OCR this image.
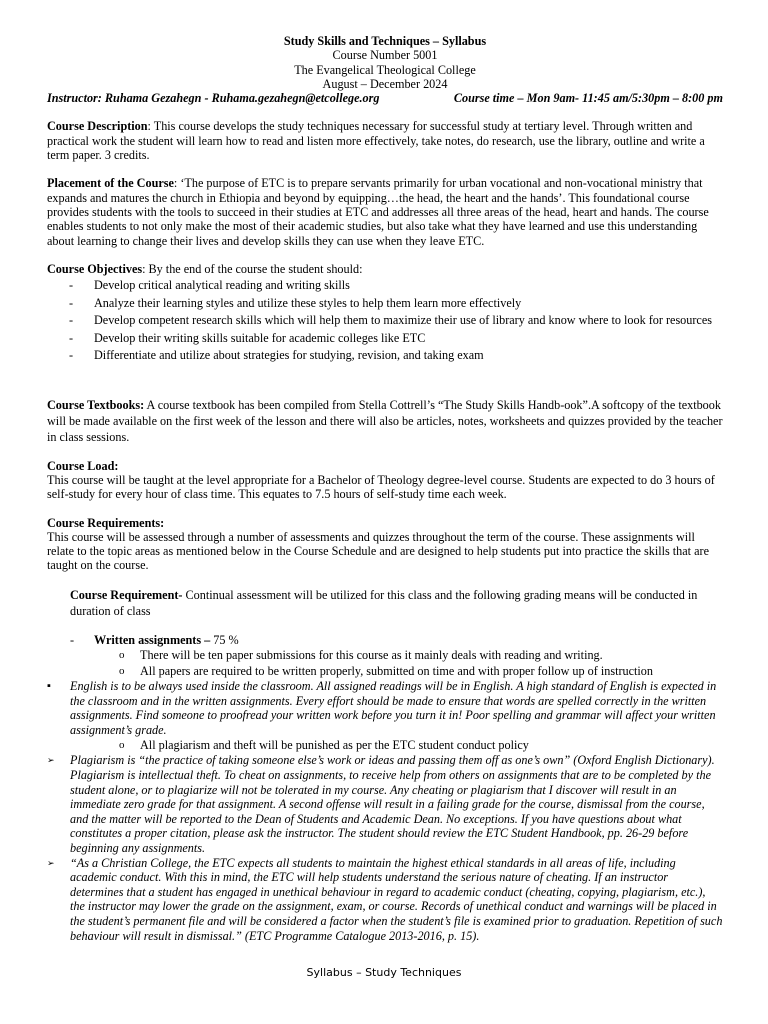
Study Skills and Techniques – Syllabus
Course Number 5001
The Evangelical Theological College
August – December 2024
Instructor: Ruhama Gezahegn - Ruhama.gezahegn@etcollege.org	Course time – Mon 9am- 11:45 am/5:30pm – 8:00 pm

Course Description: This course develops the study techniques necessary for successful study at tertiary level. Through written and practical work the student will learn how to read and listen more effectively, take notes, do research, use the library, outline and write a term paper. 3 credits.

Placement of the Course: ‘The purpose of ETC is to prepare servants primarily for urban vocational and non-vocational ministry that expands and matures the church in Ethiopia and beyond by equipping…the head, the heart and the hands’. This foundational course provides students with the tools to succeed in their studies at ETC and addresses all three areas of the head, heart and hands. The course enables students to not only make the most of their academic studies, but also take what they have learned and use this understanding about learning to change their lives and develop skills they can use when they leave ETC.

Course Objectives: By the end of the course the student should:

- Develop critical analytical reading and writing skills
- Analyze their learning styles and utilize these styles to help them learn more effectively
- Develop competent research skills which will help them to maximize their use of library and know where to look for resources
- Develop their writing skills suitable for academic colleges like ETC
- Differentiate and utilize about strategies for studying, revision, and taking exam

Course Textbooks: A course textbook has been compiled from Stella Cottrell’s “The Study Skills Handb-ook”.A softcopy of the textbook will be made available on the first week of the lesson and there will also be articles, notes, worksheets and quizzes provided by the teacher in class sessions.

Course Load:
This course will be taught at the level appropriate for a Bachelor of Theology degree-level course. Students are expected to do 3 hours of self-study for every hour of class time. This equates to 7.5 hours of self-study time each week.
Course Requirements:
This course will be assessed through a number of assessments and quizzes throughout the term of the course. These assignments will relate to the topic areas as mentioned below in the Course Schedule and are designed to help students put into practice the skills that are taught on the course.

Course Requirement- Continual assessment will be utilized for this class and the following grading means will be conducted in duration of class

- Written assignments – 75 %
o There will be ten paper submissions for this course as it mainly deals with reading and writing.
o All papers are required to be written properly, submitted on time and with proper follow up of instruction
▪ English is to be always used inside the classroom. All assigned readings will be in English. A high standard of English is expected in the classroom and in the written assignments. Every effort should be made to ensure that words are spelled correctly in the written assignments. Find someone to proofread your written work before you turn it in! Poor spelling and grammar will affect your written assignment’s grade.
o All plagiarism and theft will be punished as per the ETC student conduct policy
➢ Plagiarism is “the practice of taking someone else’s work or ideas and passing them off as one’s own” (Oxford English Dictionary). Plagiarism is intellectual theft. To cheat on assignments, to receive help from others on assignments that are to be completed by the student alone, or to plagiarize will not be tolerated in my course. Any cheating or plagiarism that I discover will result in an immediate zero grade for that assignment. A second offense will result in a failing grade for the course, dismissal from the course, and the matter will be reported to the Dean of Students and Academic Dean. No exceptions. If you have questions about what constitutes a proper citation, please ask the instructor. The student should review the ETC Student Handbook, pp. 26-29 before beginning any assignments.
➢ “As a Christian College, the ETC expects all students to maintain the highest ethical standards in all areas of life, including academic conduct. With this in mind, the ETC will help students understand the serious nature of cheating. If an instructor determines that a student has engaged in unethical behaviour in regard to academic conduct (cheating, copying, plagiarism, etc.), the instructor may lower the grade on the assignment, exam, or course. Records of unethical conduct and warnings will be placed in the student’s permanent file and will be considered a factor when the student’s file is examined prior to graduation. Repetition of such behaviour will result in dismissal.” (ETC Programme Catalogue 2013-2016, p. 15).
Syllabus – Study Techniques
